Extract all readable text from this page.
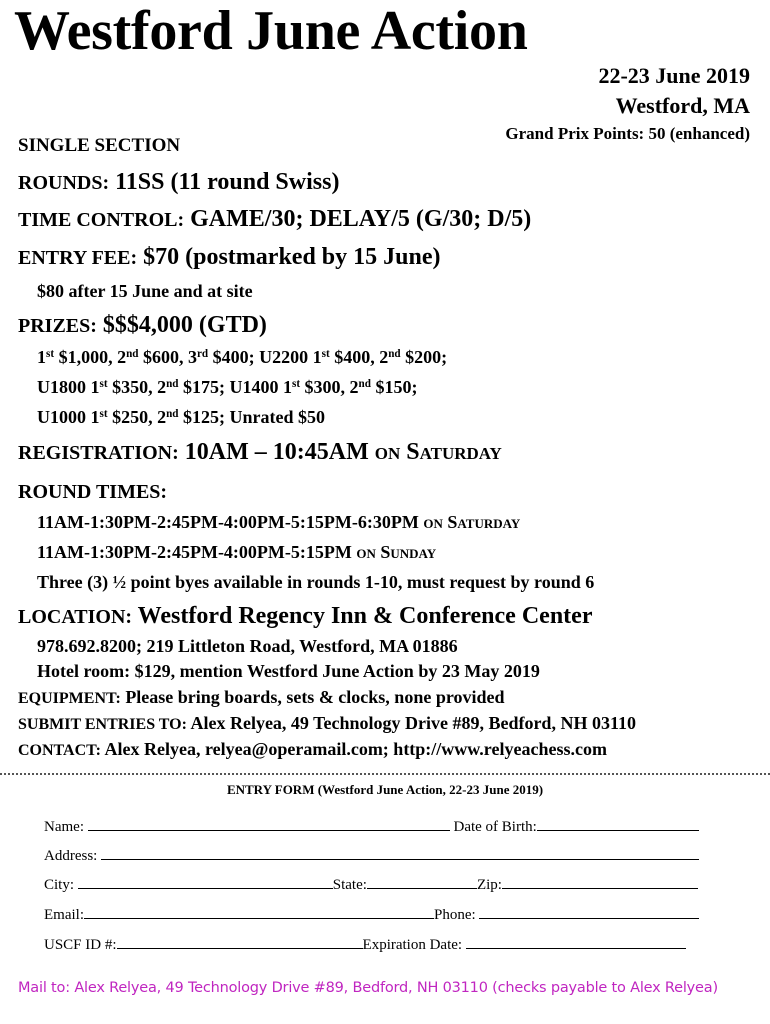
Westford June Action
22-23 June 2019
Westford, MA
Grand Prix Points: 50 (enhanced)
SINGLE SECTION
ROUNDS: 11SS (11 round Swiss)
TIME CONTROL: GAME/30; DELAY/5 (G/30; D/5)
ENTRY FEE: $70 (postmarked by 15 June)
$80 after 15 June and at site
PRIZES: $$$4,000 (GTD)
1st $1,000, 2nd $600, 3rd $400; U2200 1st $400, 2nd $200;
U1800 1st $350, 2nd $175; U1400 1st $300, 2nd $150;
U1000 1st $250, 2nd $125; Unrated $50
REGISTRATION: 10AM – 10:45AM on Saturday
ROUND TIMES:
11AM-1:30PM-2:45PM-4:00PM-5:15PM-6:30PM on Saturday
11AM-1:30PM-2:45PM-4:00PM-5:15PM on Sunday
Three (3) ½ point byes available in rounds 1-10, must request by round 6
LOCATION: Westford Regency Inn & Conference Center
978.692.8200; 219 Littleton Road, Westford, MA 01886
Hotel room: $129, mention Westford June Action by 23 May 2019
EQUIPMENT: Please bring boards, sets & clocks, none provided
SUBMIT ENTRIES TO: Alex Relyea, 49 Technology Drive #89, Bedford, NH 03110
CONTACT: Alex Relyea, relyea@operamail.com; http://www.relyeachess.com
ENTRY FORM (Westford June Action, 22-23 June 2019)
Name:	Date of Birth:
Address:
City:	State:	Zip:
Email:	Phone:
USCF ID #:	Expiration Date:
Mail to: Alex Relyea, 49 Technology Drive #89, Bedford, NH 03110 (checks payable to Alex Relyea)
